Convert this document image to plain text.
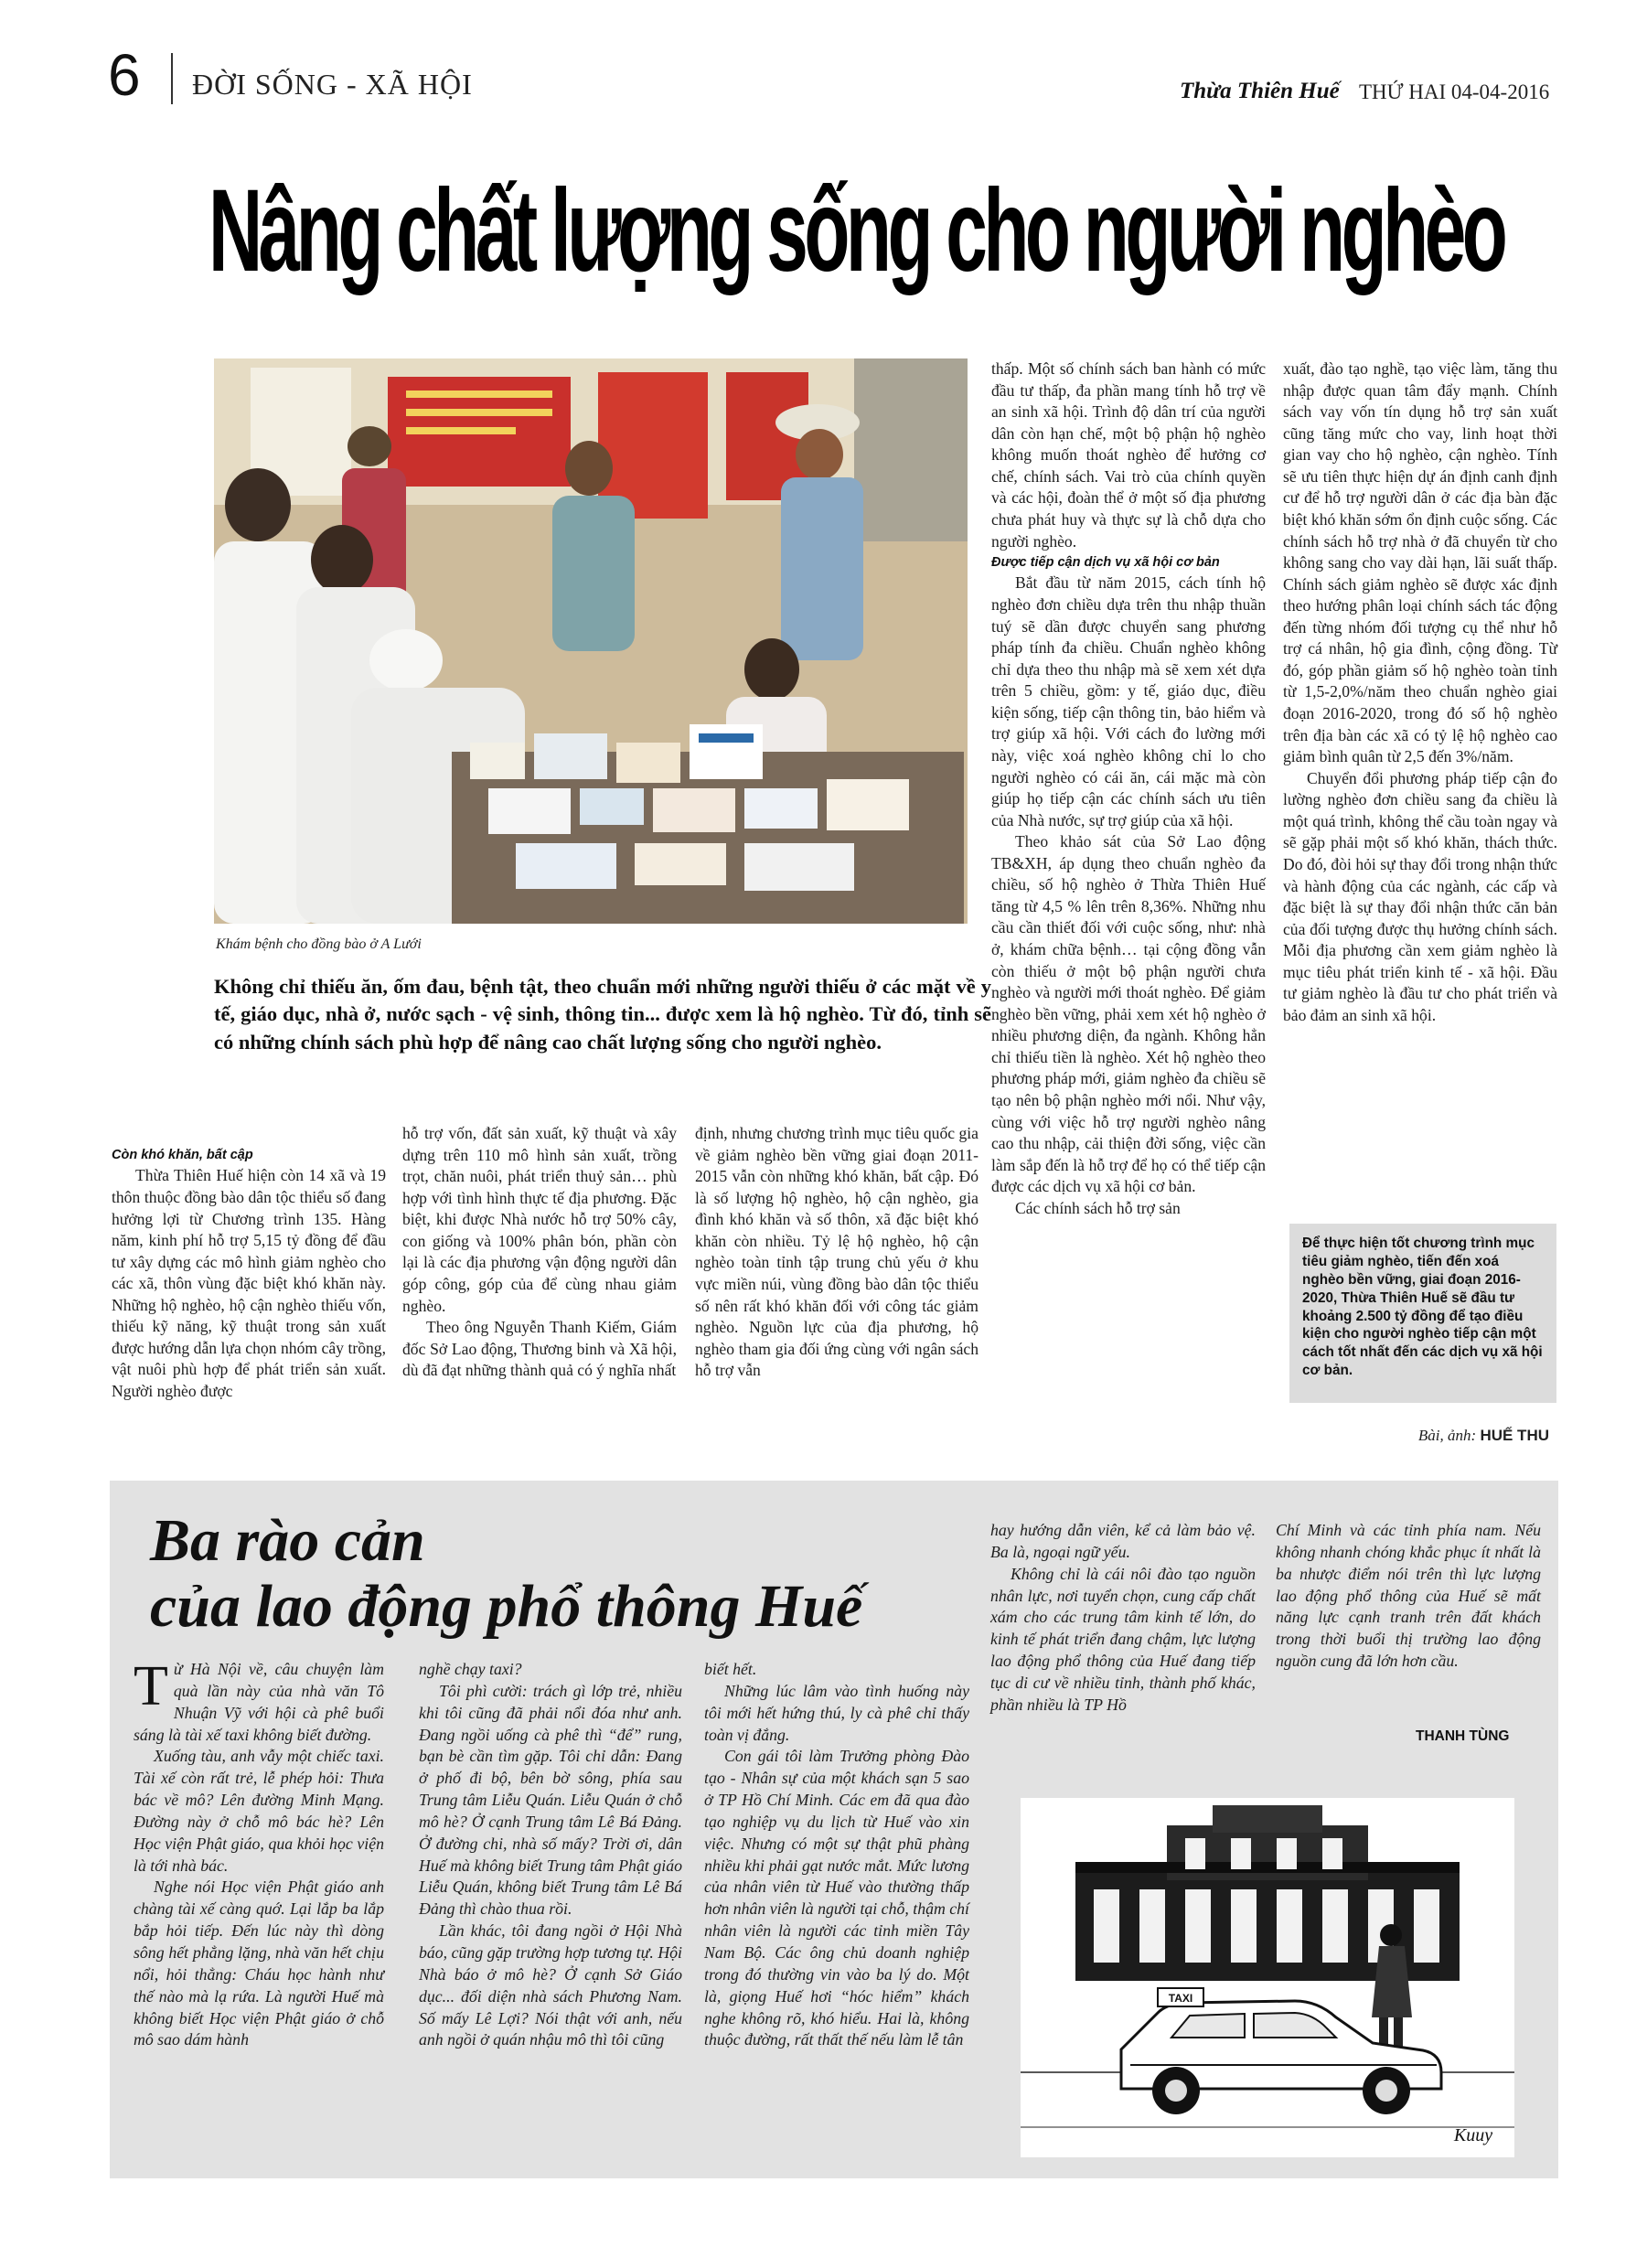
6 ĐỜI SỐNG - XÃ HỘI	Thừa Thiên Huế THỨ HAI 04-04-2016
Nâng chất lượng sống cho người nghèo
Khám bệnh cho đồng bào ở A Lưới
Không chỉ thiếu ăn, ốm đau, bệnh tật, theo chuẩn mới những người thiếu ở các mặt về y tế, giáo dục, nhà ở, nước sạch - vệ sinh, thông tin... được xem là hộ nghèo. Từ đó, tỉnh sẽ có những chính sách phù hợp để nâng cao chất lượng sống cho người nghèo.

Còn khó khăn, bất cập

Thừa Thiên Huế hiện còn 14 xã và 19 thôn thuộc đồng bào dân tộc thiểu số đang hưởng lợi từ Chương trình 135. Hàng năm, kinh phí hỗ trợ 5,15 tỷ đồng để đầu tư xây dựng các mô hình giảm nghèo cho các xã, thôn vùng đặc biệt khó khăn này. Những hộ nghèo, hộ cận nghèo thiếu vốn, thiếu kỹ năng, kỹ thuật trong sản xuất được hướng dẫn lựa chọn nhóm cây trồng, vật nuôi phù hợp để phát triển sản xuất. Người nghèo được

hỗ trợ vốn, đất sản xuất, kỹ thuật và xây dựng trên 110 mô hình sản xuất, trồng trọt, chăn nuôi, phát triển thuỷ sản… phù hợp với tình hình thực tế địa phương. Đặc biệt, khi được Nhà nước hỗ trợ 50% cây, con giống và 100% phân bón, phần còn lại là các địa phương vận động người dân góp công, góp của để cùng nhau giảm nghèo.

Theo ông Nguyễn Thanh Kiếm, Giám đốc Sở Lao động, Thương binh và Xã hội, dù đã đạt những thành quả có ý nghĩa nhất

định, nhưng chương trình mục tiêu quốc gia về giảm nghèo bền vững giai đoạn 2011-2015 vẫn còn những khó khăn, bất cập. Đó là số lượng hộ nghèo, hộ cận nghèo, gia đình khó khăn và số thôn, xã đặc biệt khó khăn còn nhiều. Tỷ lệ hộ nghèo, hộ cận nghèo toàn tỉnh tập trung chủ yếu ở khu vực miền núi, vùng đồng bào dân tộc thiểu số nên rất khó khăn đối với công tác giảm nghèo. Nguồn lực của địa phương, hộ nghèo tham gia đối ứng cùng với ngân sách hỗ trợ vẫn

thấp. Một số chính sách ban hành có mức đầu tư thấp, đa phần mang tính hỗ trợ về an sinh xã hội. Trình độ dân trí của người dân còn hạn chế, một bộ phận hộ nghèo không muốn thoát nghèo để hưởng cơ chế, chính sách. Vai trò của chính quyền và các hội, đoàn thể ở một số địa phương chưa phát huy và thực sự là chỗ dựa cho người nghèo.

Được tiếp cận dịch vụ xã hội cơ bản

Bắt đầu từ năm 2015, cách tính hộ nghèo đơn chiều dựa trên thu nhập thuần tuý sẽ dần được chuyển sang phương pháp tính đa chiều. Chuẩn nghèo không chỉ dựa theo thu nhập mà sẽ xem xét dựa trên 5 chiều, gồm: y tế, giáo dục, điều kiện sống, tiếp cận thông tin, bảo hiểm và trợ giúp xã hội. Với cách đo lường mới này, việc xoá nghèo không chỉ lo cho người nghèo có cái ăn, cái mặc mà còn giúp họ tiếp cận các chính sách ưu tiên của Nhà nước, sự trợ giúp của xã hội.

Theo khảo sát của Sở Lao động TB&XH, áp dụng theo chuẩn nghèo đa chiều, số hộ nghèo ở Thừa Thiên Huế tăng từ 4,5 % lên trên 8,36%. Những nhu cầu cần thiết đối với cuộc sống, như: nhà ở, khám chữa bệnh… tại cộng đồng vẫn còn thiếu ở một bộ phận người chưa nghèo và người mới thoát nghèo. Để giảm nghèo bền vững, phải xem xét hộ nghèo ở nhiều phương diện, đa ngành. Không hẳn chỉ thiếu tiền là nghèo. Xét hộ nghèo theo phương pháp mới, giảm nghèo đa chiều sẽ tạo nên bộ phận nghèo mới nổi. Như vậy, cùng với việc hỗ trợ người nghèo nâng cao thu nhập, cải thiện đời sống, việc cần làm sắp đến là hỗ trợ để họ có thể tiếp cận được các dịch vụ xã hội cơ bản.

Các chính sách hỗ trợ sản

xuất, đào tạo nghề, tạo việc làm, tăng thu nhập được quan tâm đẩy mạnh. Chính sách vay vốn tín dụng hỗ trợ sản xuất cũng tăng mức cho vay, linh hoạt thời gian vay cho hộ nghèo, cận nghèo. Tính sẽ ưu tiên thực hiện dự án định canh định cư để hỗ trợ người dân ở các địa bàn đặc biệt khó khăn sớm ổn định cuộc sống. Các chính sách hỗ trợ nhà ở đã chuyển từ cho không sang cho vay dài hạn, lãi suất thấp. Chính sách giảm nghèo sẽ được xác định theo hướng phân loại chính sách tác động đến từng nhóm đối tượng cụ thể như hỗ trợ cá nhân, hộ gia đình, cộng đồng. Từ đó, góp phần giảm số hộ nghèo toàn tỉnh từ 1,5-2,0%/năm theo chuẩn nghèo giai đoạn 2016-2020, trong đó số hộ nghèo trên địa bàn các xã có tỷ lệ hộ nghèo cao giảm bình quân từ 2,5 đến 3%/năm.

Chuyển đổi phương pháp tiếp cận đo lường nghèo đơn chiều sang đa chiều là một quá trình, không thể cầu toàn ngay và sẽ gặp phải một số khó khăn, thách thức. Do đó, đòi hỏi sự thay đổi trong nhận thức và hành động của các ngành, các cấp và đặc biệt là sự thay đổi nhận thức căn bản của đối tượng được thụ hưởng chính sách. Mỗi địa phương cần xem giảm nghèo là mục tiêu phát triển kinh tế - xã hội. Đầu tư giảm nghèo là đầu tư cho phát triển và bảo đảm an sinh xã hội.

Để thực hiện tốt chương trình mục tiêu giảm nghèo, tiến đến xoá nghèo bền vững, giai đoạn 2016-2020, Thừa Thiên Huế sẽ đầu tư khoảng 2.500 tỷ đồng để tạo điều kiện cho người nghèo tiếp cận một cách tốt nhất đến các dịch vụ xã hội cơ bản.
Bài, ảnh: HUẾ THU
Ba rào cản
của lao động phổ thông Huế

Từ Hà Nội về, câu chuyện làm quà lần này của nhà văn Tô Nhuận Vỹ với hội cà phê buổi sáng là tài xế taxi không biết đường.

Xuống tàu, anh vẫy một chiếc taxi. Tài xế còn rất trẻ, lễ phép hỏi: Thưa bác về mô? Lên đường Minh Mạng. Đường này ở chỗ mô bác hè? Lên Học viện Phật giáo, qua khỏi học viện là tới nhà bác.

Nghe nói Học viện Phật giáo anh chàng tài xế càng quớ. Lại lắp ba lắp bắp hỏi tiếp. Đến lúc này thì dòng sông hết phẳng lặng, nhà văn hết chịu nổi, hỏi thẳng: Cháu học hành như thế nào mà lạ rứa. Là người Huế mà không biết Học viện Phật giáo ở chỗ mô sao dám hành

nghề chạy taxi?

Tôi phì cười: trách gì lớp trẻ, nhiều khi tôi cũng đã phải nổi đóa như anh. Đang ngồi uống cà phê thì “để” rung, bạn bè cần tìm gặp. Tôi chỉ dẫn: Đang ở phố đi bộ, bên bờ sông, phía sau Trung tâm Liễu Quán. Liễu Quán ở chỗ mô hè? Ở cạnh Trung tâm Lê Bá Đảng. Ở đường chi, nhà số mấy? Trời ơi, dân Huế mà không biết Trung tâm Phật giáo Liễu Quán, không biết Trung tâm Lê Bá Đảng thì chào thua rồi.

Lần khác, tôi đang ngồi ở Hội Nhà báo, cũng gặp trường hợp tương tự. Hội Nhà báo ở mô hè? Ở cạnh Sở Giáo dục... đối diện nhà sách Phương Nam. Số mấy Lê Lợi? Nói thật với anh, nếu anh ngồi ở quán nhậu mô thì tôi cũng

biết hết.

Những lúc lâm vào tình huống này tôi mới hết hứng thú, ly cà phê chỉ thấy toàn vị đắng.

Con gái tôi làm Trưởng phòng Đào tạo - Nhân sự của một khách sạn 5 sao ở TP Hồ Chí Minh. Các em đã qua đào tạo nghiệp vụ du lịch từ Huế vào xin việc. Nhưng có một sự thật phũ phàng nhiều khi phải gạt nước mắt. Mức lương của nhân viên từ Huế vào thường thấp hơn nhân viên là người tại chỗ, thậm chí nhân viên là người các tỉnh miền Tây Nam Bộ. Các ông chủ doanh nghiệp trong đó thường vin vào ba lý do. Một là, giọng Huế hơi “hóc hiểm” khách nghe không rõ, khó hiểu. Hai là, không thuộc đường, rất thất thế nếu làm lễ tân

hay hướng dẫn viên, kể cả làm bảo vệ. Ba là, ngoại ngữ yếu.

Không chỉ là cái nôi đào tạo nguồn nhân lực, nơi tuyển chọn, cung cấp chất xám cho các trung tâm kinh tế lớn, do kinh tế phát triển đang chậm, lực lượng lao động phổ thông của Huế đang tiếp tục di cư về nhiều tỉnh, thành phố khác, phần nhiều là TP Hồ

Chí Minh và các tỉnh phía nam. Nếu không nhanh chóng khắc phục ít nhất là ba nhược điểm nói trên thì lực lượng lao động phổ thông của Huế sẽ mất năng lực cạnh tranh trên đất khách trong thời buổi thị trường lao động nguồn cung đã lớn hơn cầu.

THANH TÙNG
TAXI
Kuuy
